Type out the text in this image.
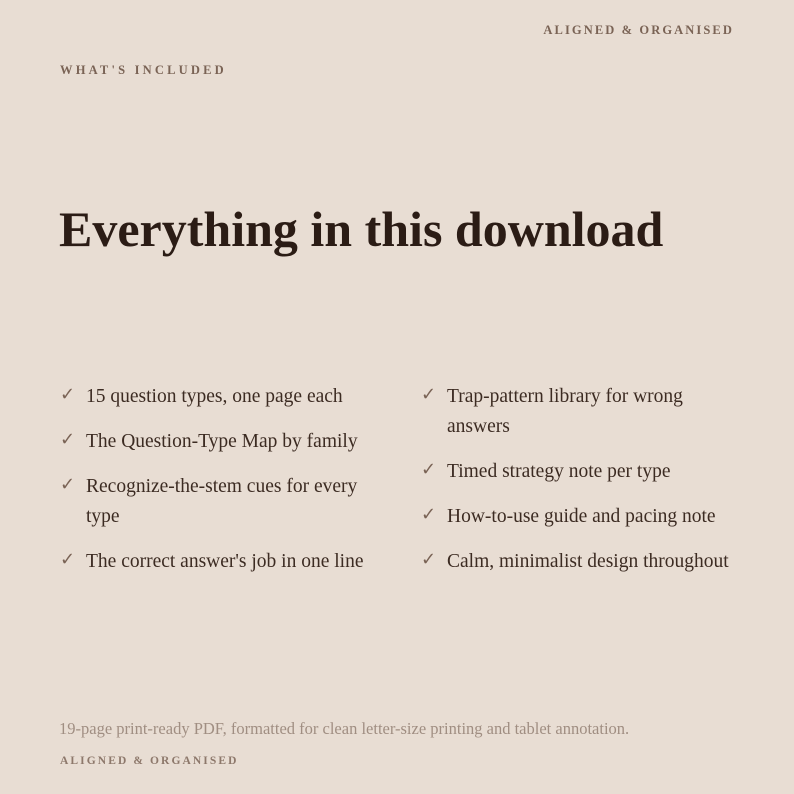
ALIGNED & ORGANISED
WHAT'S INCLUDED
Everything in this download
✓ 15 question types, one page each
✓ The Question-Type Map by family
✓ Recognize-the-stem cues for every type
✓ The correct answer's job in one line
✓ Trap-pattern library for wrong answers
✓ Timed strategy note per type
✓ How-to-use guide and pacing note
✓ Calm, minimalist design throughout
19-page print-ready PDF, formatted for clean letter-size printing and tablet annotation.
ALIGNED & ORGANISED
